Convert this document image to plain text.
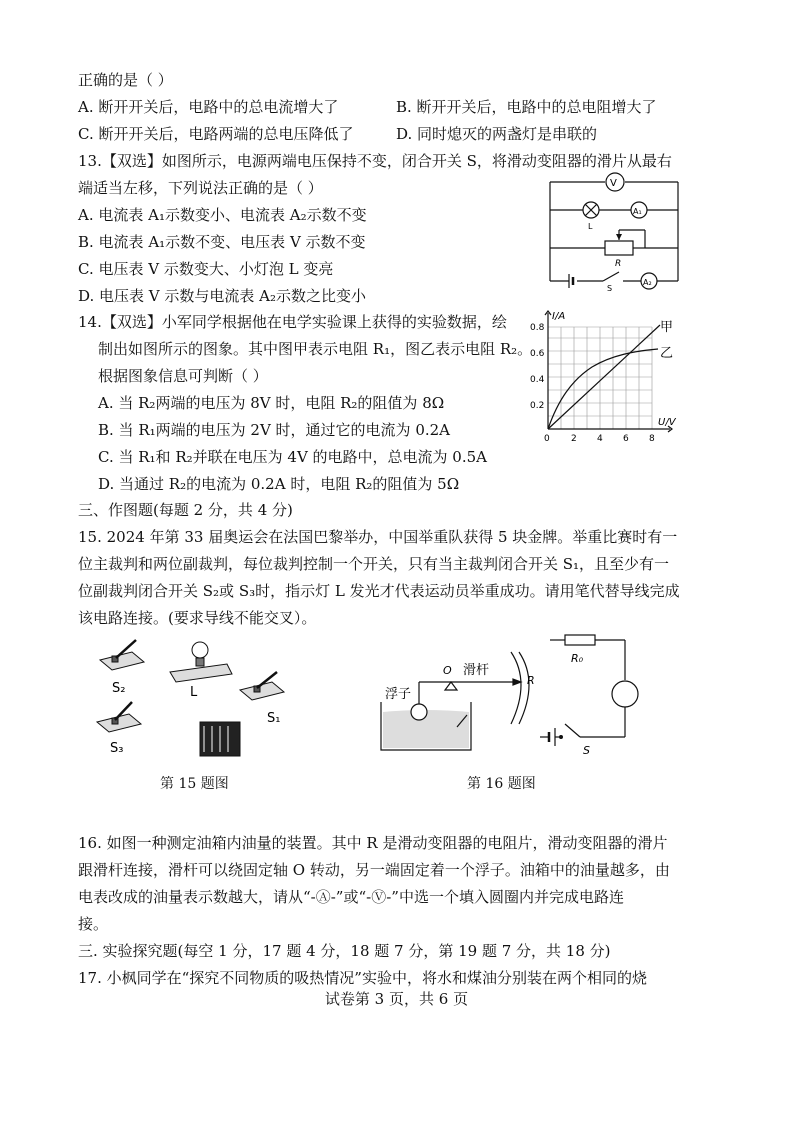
正确的是（ ）
A. 断开开关后，电路中的总电流增大了	B. 断开开关后，电路中的总电阻增大了
C. 断开开关后，电路两端的总电压降低了	D. 同时熄灭的两盏灯是串联的
13.【双选】如图所示，电源两端电压保持不变，闭合开关 S，将滑动变阻器的滑片从最右
端适当左移，下列说法正确的是（ ）
A. 电流表 A₁示数变小、电流表 A₂示数不变
B. 电流表 A₁示数不变、电压表 V 示数不变
C. 电压表 V 示数变大、小灯泡 L 变亮
D. 电压表 V 示数与电流表 A₂示数之比变小
14.【双选】小军同学根据他在电学实验课上获得的实验数据，绘
制出如图所示的图象。其中图甲表示电阻 R₁，图乙表示电阻 R₂。
根据图象信息可判断（ ）
A. 当 R₂两端的电压为 8V 时，电阻 R₂的阻值为 8Ω
B. 当 R₁两端的电压为 2V 时，通过它的电流为 0.2A
C. 当 R₁和 R₂并联在电压为 4V 的电路中，总电流为 0.5A
D. 当通过 R₂的电流为 0.2A 时，电阻 R₂的阻值为 5Ω
三、作图题(每题 2 分，共 4 分)
15. 2024 年第 33 届奥运会在法国巴黎举办，中国举重队获得 5 块金牌。举重比赛时有一
位主裁判和两位副裁判，每位裁判控制一个开关，只有当主裁判闭合开关 S₁，且至少有一
位副裁判闭合开关 S₂或 S₃时，指示灯 L 发光才代表运动员举重成功。请用笔代替导线完成
该电路连接。(要求导线不能交叉）。
16. 如图一种测定油箱内油量的装置。其中 R 是滑动变阻器的电阻片，滑动变阻器的滑片
跟滑杆连接，滑杆可以绕固定轴 O 转动，另一端固定着一个浮子。油箱中的油量越多，由
电表改成的油量表示数越大，请从“-Ⓐ-”或“-Ⓥ-”中选一个填入圆圈内并完成电路连
接。
三. 实验探究题(每空 1 分，17 题 4 分，18 题 7 分，第 19 题 7 分，共 18 分)
17. 小枫同学在“探究不同物质的吸热情况”实验中，将水和煤油分别装在两个相同的烧
V
A₁
A₂
L
R
S
I/A
U/V
0.2
0.4
0.6
0.8
0 2 4 6 8
甲
乙
S₂	L
S₁
S₃
第 15 题图
O 滑杆
R
浮子
R₀
S
第 16 题图
试卷第 3 页，共 6 页
